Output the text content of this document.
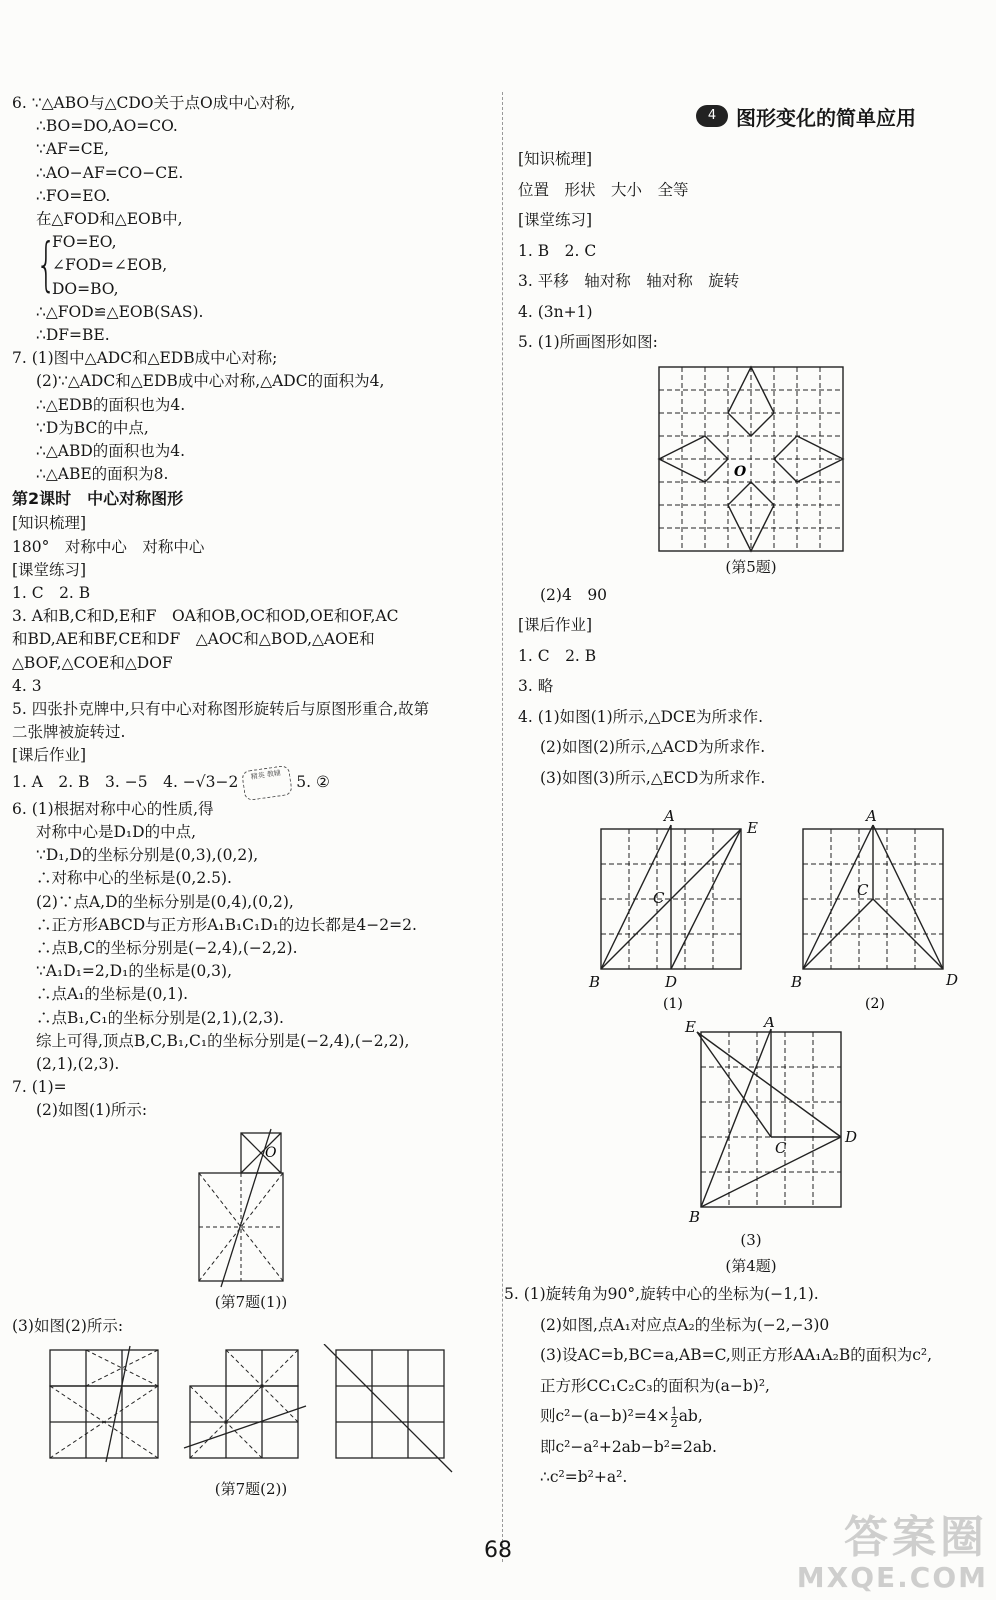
6. ∵△ABO与△CDO关于点O成中心对称,
∴BO=DO,AO=CO.
∵AF=CE,
∴AO−AF=CO−CE.
∴FO=EO.
在△FOD和△EOB中,
{
FO=EO,
∠FOD=∠EOB,
DO=BO,
∴△FOD≌△EOB(SAS).
∴DF=BE.
7. (1)图中△ADC和△EDB成中心对称;
(2)∵△ADC和△EDB成中心对称,△ADC的面积为4,
∴△EDB的面积也为4.
∵D为BC的中点,
∴△ABD的面积也为4.
∴△ABE的面积为8.
第2课时　中心对称图形
[知识梳理]
180°　对称中心　对称中心
[课堂练习]
1. C　2. B
3. A和B,C和D,E和F　OA和OB,OC和OD,OE和OF,AC
和BD,AE和BF,CE和DF　△AOC和△BOD,△AOE和
△BOF,△COE和△DOF
4. 3
5. 四张扑克牌中,只有中心对称图形旋转后与原图形重合,故第
二张牌被旋转过.
[课后作业]
1. A　2. B　3. −5　4. −√3−2 精英 教辅 5. ②
6. (1)根据对称中心的性质,得
对称中心是D₁D的中点,
∵D₁,D的坐标分别是(0,3),(0,2),
∴对称中心的坐标是(0,2.5).
(2)∵点A,D的坐标分别是(0,4),(0,2),
∴正方形ABCD与正方形A₁B₁C₁D₁的边长都是4−2=2.
∴点B,C的坐标分别是(−2,4),(−2,2).
∵A₁D₁=2,D₁的坐标是(0,3),
∴点A₁的坐标是(0,1).
∴点B₁,C₁的坐标分别是(2,1),(2,3).
综上可得,顶点B,C,B₁,C₁的坐标分别是(−2,4),(−2,2),
(2,1),(2,3).
7. (1)=
(2)如图(1)所示:
O
(第7题(1))
(3)如图(2)所示:
(第7题(2))
4 图形变化的简单应用
[知识梳理]
位置　形状　大小　全等
[课堂练习]
1. B　2. C
3. 平移　轴对称　轴对称　旋转
4. (3n+1)
5. (1)所画图形如图:
O
(第5题)
(2)4　90
[课后作业]
1. C　2. B
3. 略
4. (1)如图(1)所示,△DCE为所求作.
(2)如图(2)所示,△ACD为所求作.
(3)如图(3)所示,△ECD为所求作.
A
E
C
B	D
A
C
B	D
(1)	(2)
E	A
C
D
B
(3)
(第4题)
5. (1)旋转角为90°,旋转中心的坐标为(−1,1).
(2)如图,点A₁对应点A₂的坐标为(−2,−3)0
(3)设AC=b,BC=a,AB=C,则正方形AA₁A₂B的面积为c²,
正方形CC₁C₂C₃的面积为(a−b)²,
则$c^2-(a-b)^2=4\times \frac{1}{2}$ ab,
即c²−a²+2ab−b²=2ab.
∴c²=b²+a².
68	答案圈
MXQE.COM
